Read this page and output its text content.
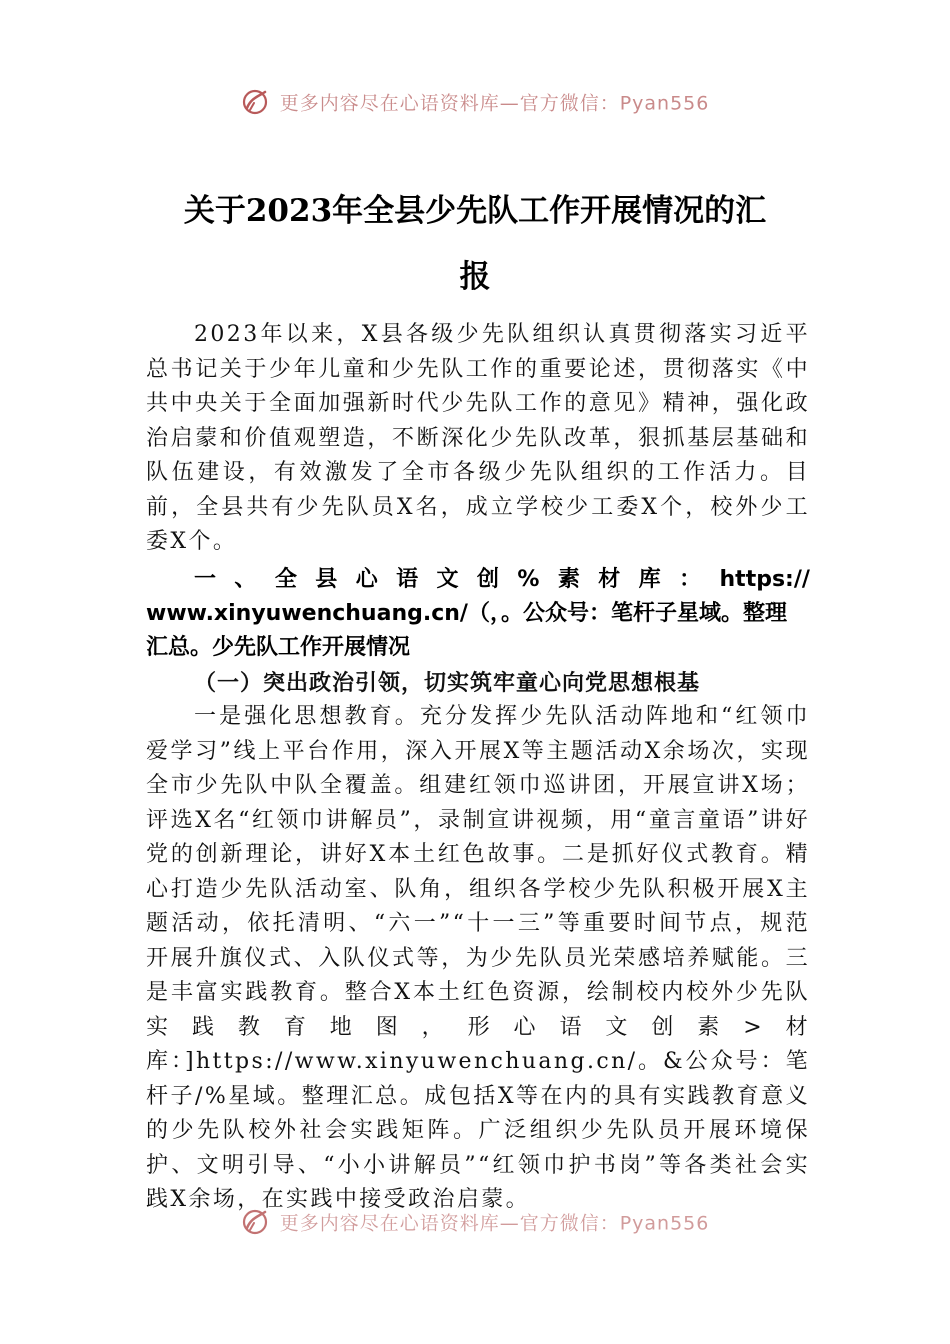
更多内容尽在心语资料库—官方微信：Pyan556
关于2023年全县少先队工作开展情况的汇
报

2023年以来，X县各级少先队组织认真贯彻落实习近平总书记关于少年儿童和少先队工作的重要论述，贯彻落实《中共中央关于全面加强新时代少先队工作的意见》精神，强化政治启蒙和价值观塑造，不断深化少先队改革，狠抓基层基础和队伍建设，有效激发了全市各级少先队组织的工作活力。目前，全县共有少先队员X名，成立学校少工委X个，校外少工委X个。

一 、 全 县 心 语 文 创 % 素 材 库 ： https://
www.xinyuwenchuang.cn/（，。公众号：笔杆子星域。整理
汇总。少先队工作开展情况
（一）突出政治引领，切实筑牢童心向党思想根基

一是强化思想教育。充分发挥少先队活动阵地和“红领巾爱学习”线上平台作用，深入开展X等主题活动X余场次，实现全市少先队中队全覆盖。组建红领巾巡讲团，开展宣讲X场；评选X名“红领巾讲解员”，录制宣讲视频，用“童言童语”讲好党的创新理论，讲好X本土红色故事。二是抓好仪式教育。精心打造少先队活动室、队角，组织各学校少先队积极开展X主题活动，依托清明、“六一”“十一三”等重要时间节点，规范开展升旗仪式、入队仪式等，为少先队员光荣感培养赋能。三是丰富实践教育。整合X本土红色资源，绘制校内校外少先队实践教育地图，形心语文创素>材库：]https://www.xinyuwenchuang.cn/。&公众号：笔杆子/%星域。整理汇总。成包括X等在内的具有实践教育意义的少先队校外社会实践矩阵。广泛组织少先队员开展环境保护、文明引导、“小小讲解员”“红领巾护书岗”等各类社会实践X余场，在实践中接受政治启蒙。

更多内容尽在心语资料库—官方微信：Pyan556
